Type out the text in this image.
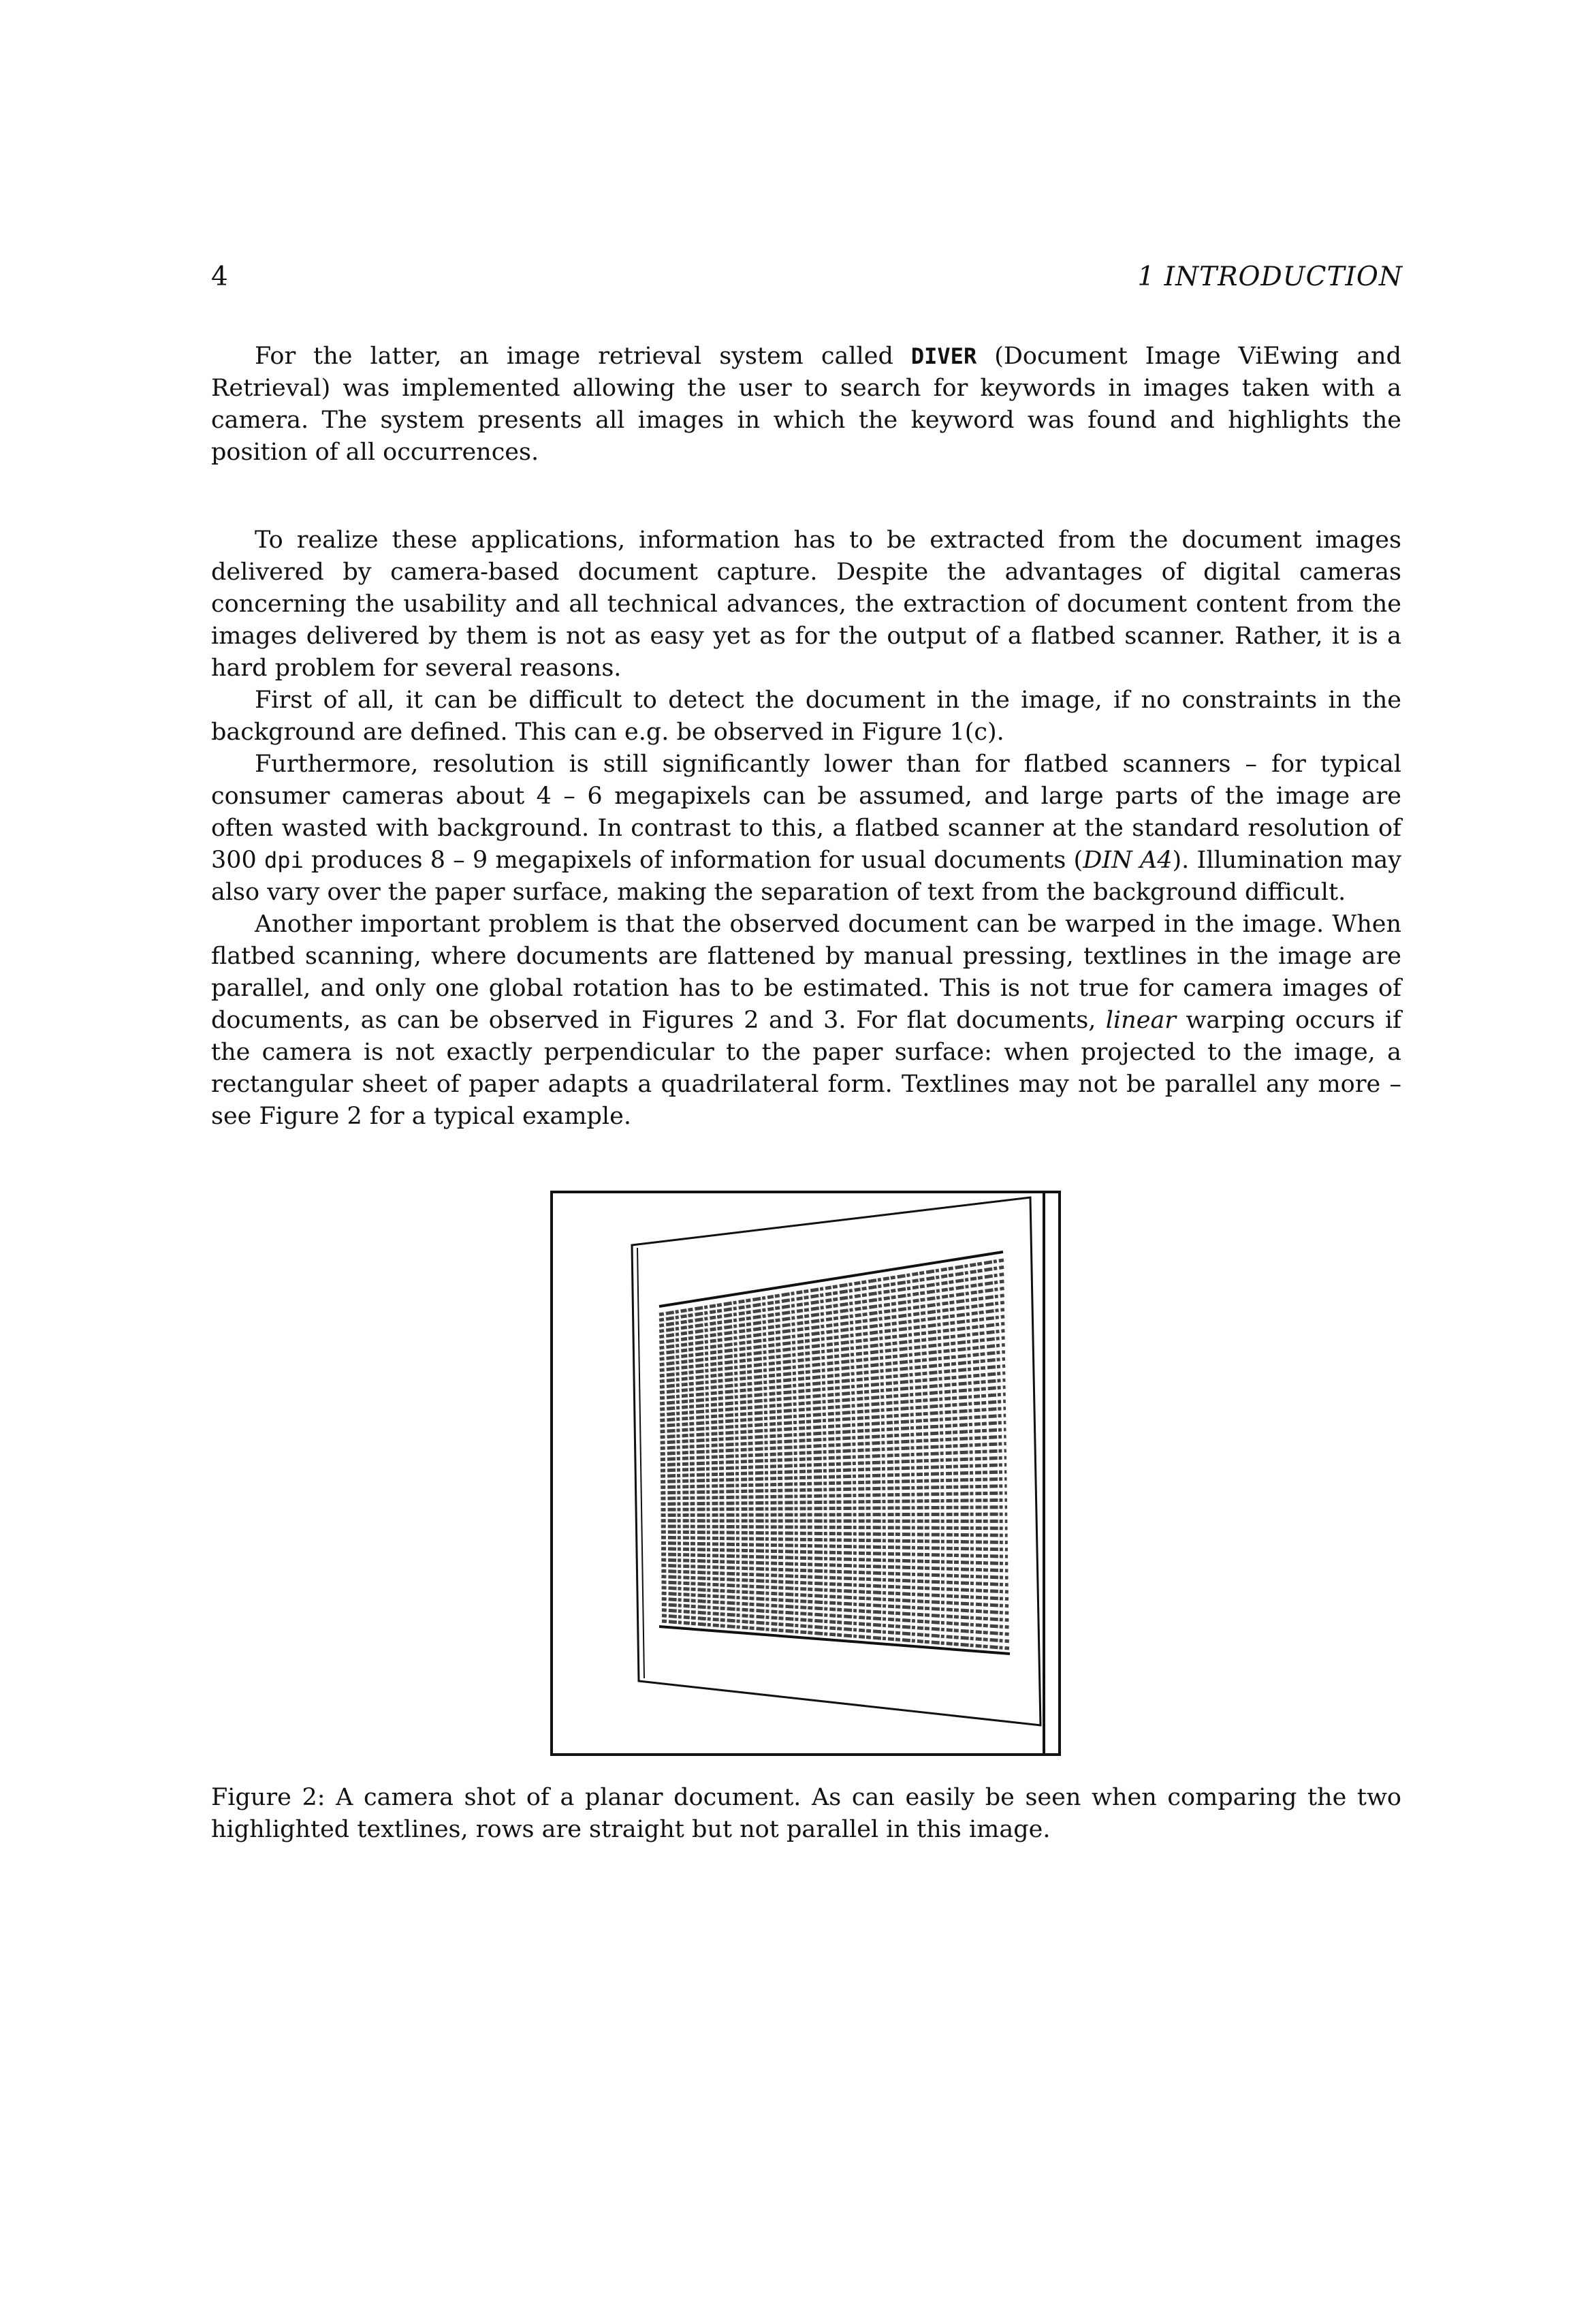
4	1 INTRODUCTION

For the latter, an image retrieval system called DIVER (Document Image ViEwing and Retrieval) was implemented allowing the user to search for keywords in images taken with a camera. The system presents all images in which the keyword was found and highlights the position of all occurrences.

To realize these applications, information has to be extracted from the document images delivered by camera-based document capture. Despite the advantages of digital cameras concerning the usability and all technical advances, the extraction of document content from the images delivered by them is not as easy yet as for the output of a flatbed scanner. Rather, it is a hard problem for several reasons.

First of all, it can be difficult to detect the document in the image, if no constraints in the background are defined. This can e.g. be observed in Figure 1(c).

Furthermore, resolution is still significantly lower than for flatbed scanners – for typical consumer cameras about 4 – 6 megapixels can be assumed, and large parts of the image are often wasted with background. In contrast to this, a flatbed scanner at the standard resolution of 300 dpi produces 8 – 9 megapixels of information for usual documents (DIN A4). Illumination may also vary over the paper surface, making the separation of text from the background difficult.

Another important problem is that the observed document can be warped in the image. When flatbed scanning, where documents are flattened by manual pressing, textlines in the image are parallel, and only one global rotation has to be estimated. This is not true for camera images of documents, as can be observed in Figures 2 and 3. For flat documents, linear warping occurs if the camera is not exactly perpendicular to the paper surface: when projected to the image, a rectangular sheet of paper adapts a quadrilateral form. Textlines may not be parallel any more – see Figure 2 for a typical example.

Figure 2: A camera shot of a planar document. As can easily be seen when comparing the two highlighted textlines, rows are straight but not parallel in this image.
